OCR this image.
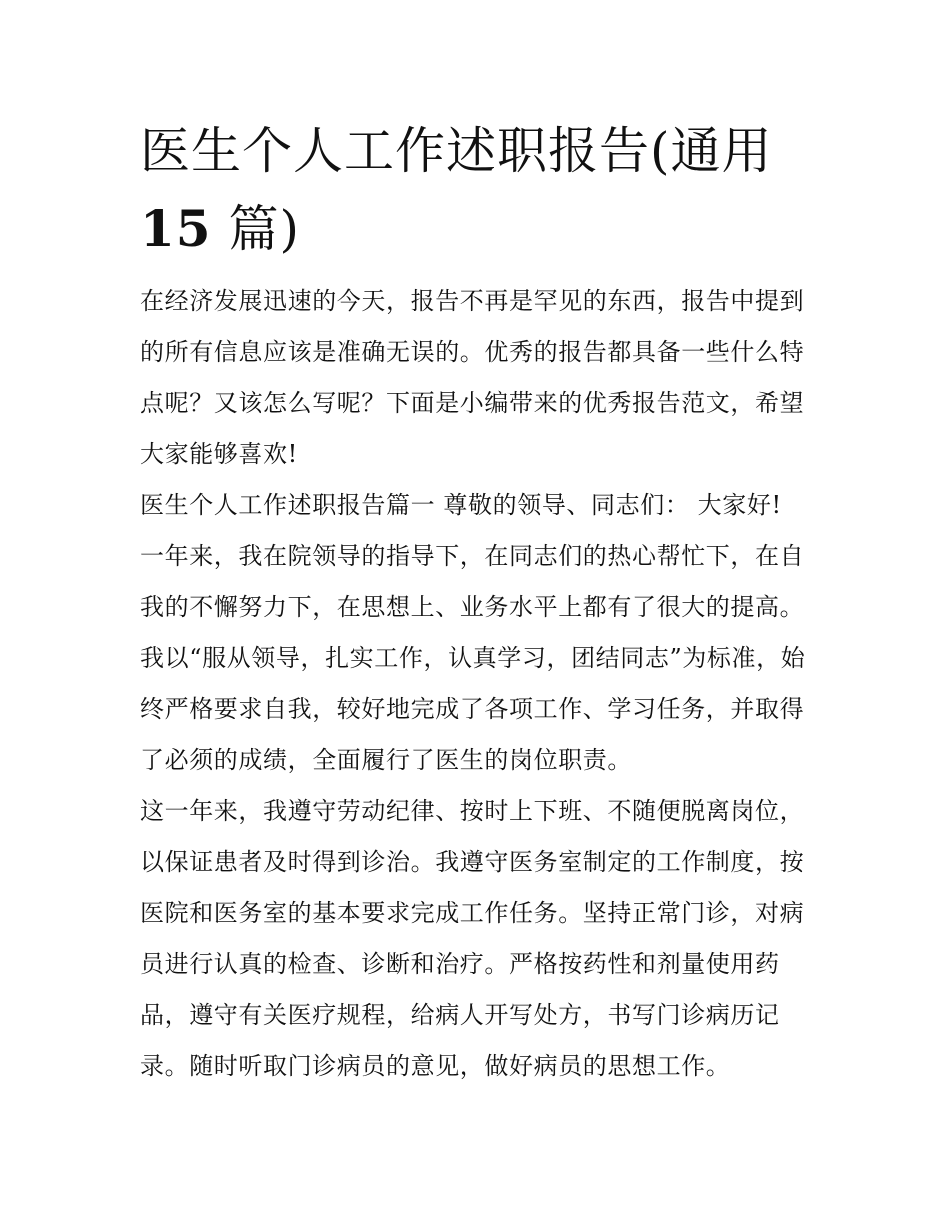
医生个人工作述职报告(通用
15 篇)

在经济发展迅速的今天，报告不再是罕见的东西，报告中提到
的所有信息应该是准确无误的。优秀的报告都具备一些什么特
点呢？又该怎么写呢？下面是小编带来的优秀报告范文，希望
大家能够喜欢!

医生个人工作述职报告篇一 尊敬的领导、同志们： 大家好!

一年来，我在院领导的指导下，在同志们的热心帮忙下，在自
我的不懈努力下，在思想上、业务水平上都有了很大的提高。
我以“服从领导，扎实工作，认真学习，团结同志”为标准，始
终严格要求自我，较好地完成了各项工作、学习任务，并取得
了必须的成绩，全面履行了医生的岗位职责。

这一年来，我遵守劳动纪律、按时上下班、不随便脱离岗位，
以保证患者及时得到诊治。我遵守医务室制定的工作制度，按
医院和医务室的基本要求完成工作任务。坚持正常门诊，对病
员进行认真的检查、诊断和治疗。严格按药性和剂量使用药
品，遵守有关医疗规程，给病人开写处方，书写门诊病历记
录。随时听取门诊病员的意见，做好病员的思想工作。
